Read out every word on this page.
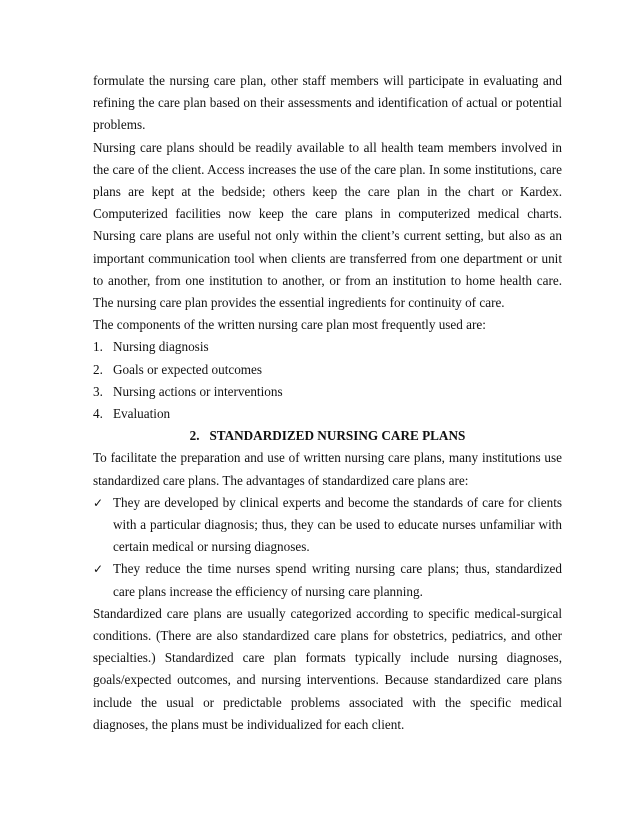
formulate the nursing care plan, other staff members will participate in evaluating and refining the care plan based on their assessments and identification of actual or potential problems.

Nursing care plans should be readily available to all health team members involved in the care of the client. Access increases the use of the care plan. In some institutions, care plans are kept at the bedside; others keep the care plan in the chart or Kardex. Computerized facilities now keep the care plans in computerized medical charts. Nursing care plans are useful not only within the client’s current setting, but also as an important communication tool when clients are transferred from one department or unit to another, from one institution to another, or from an institution to home health care. The nursing care plan provides the essential ingredients for continuity of care.

The components of the written nursing care plan most frequently used are:

1. Nursing diagnosis
2. Goals or expected outcomes
3. Nursing actions or interventions
4. Evaluation

2.   STANDARDIZED NURSING CARE PLANS

To facilitate the preparation and use of written nursing care plans, many institutions use standardized care plans. The advantages of standardized care plans are:

✓ They are developed by clinical experts and become the standards of care for clients with a particular diagnosis; thus, they can be used to educate nurses unfamiliar with certain medical or nursing diagnoses.
✓ They reduce the time nurses spend writing nursing care plans; thus, standardized care plans increase the efficiency of nursing care planning.

Standardized care plans are usually categorized according to specific medical-surgical conditions. (There are also standardized care plans for obstetrics, pediatrics, and other specialties.) Standardized care plan formats typically include nursing diagnoses, goals/expected outcomes, and nursing interventions. Because standardized care plans include the usual or predictable problems associated with the specific medical diagnoses, the plans must be individualized for each client.
